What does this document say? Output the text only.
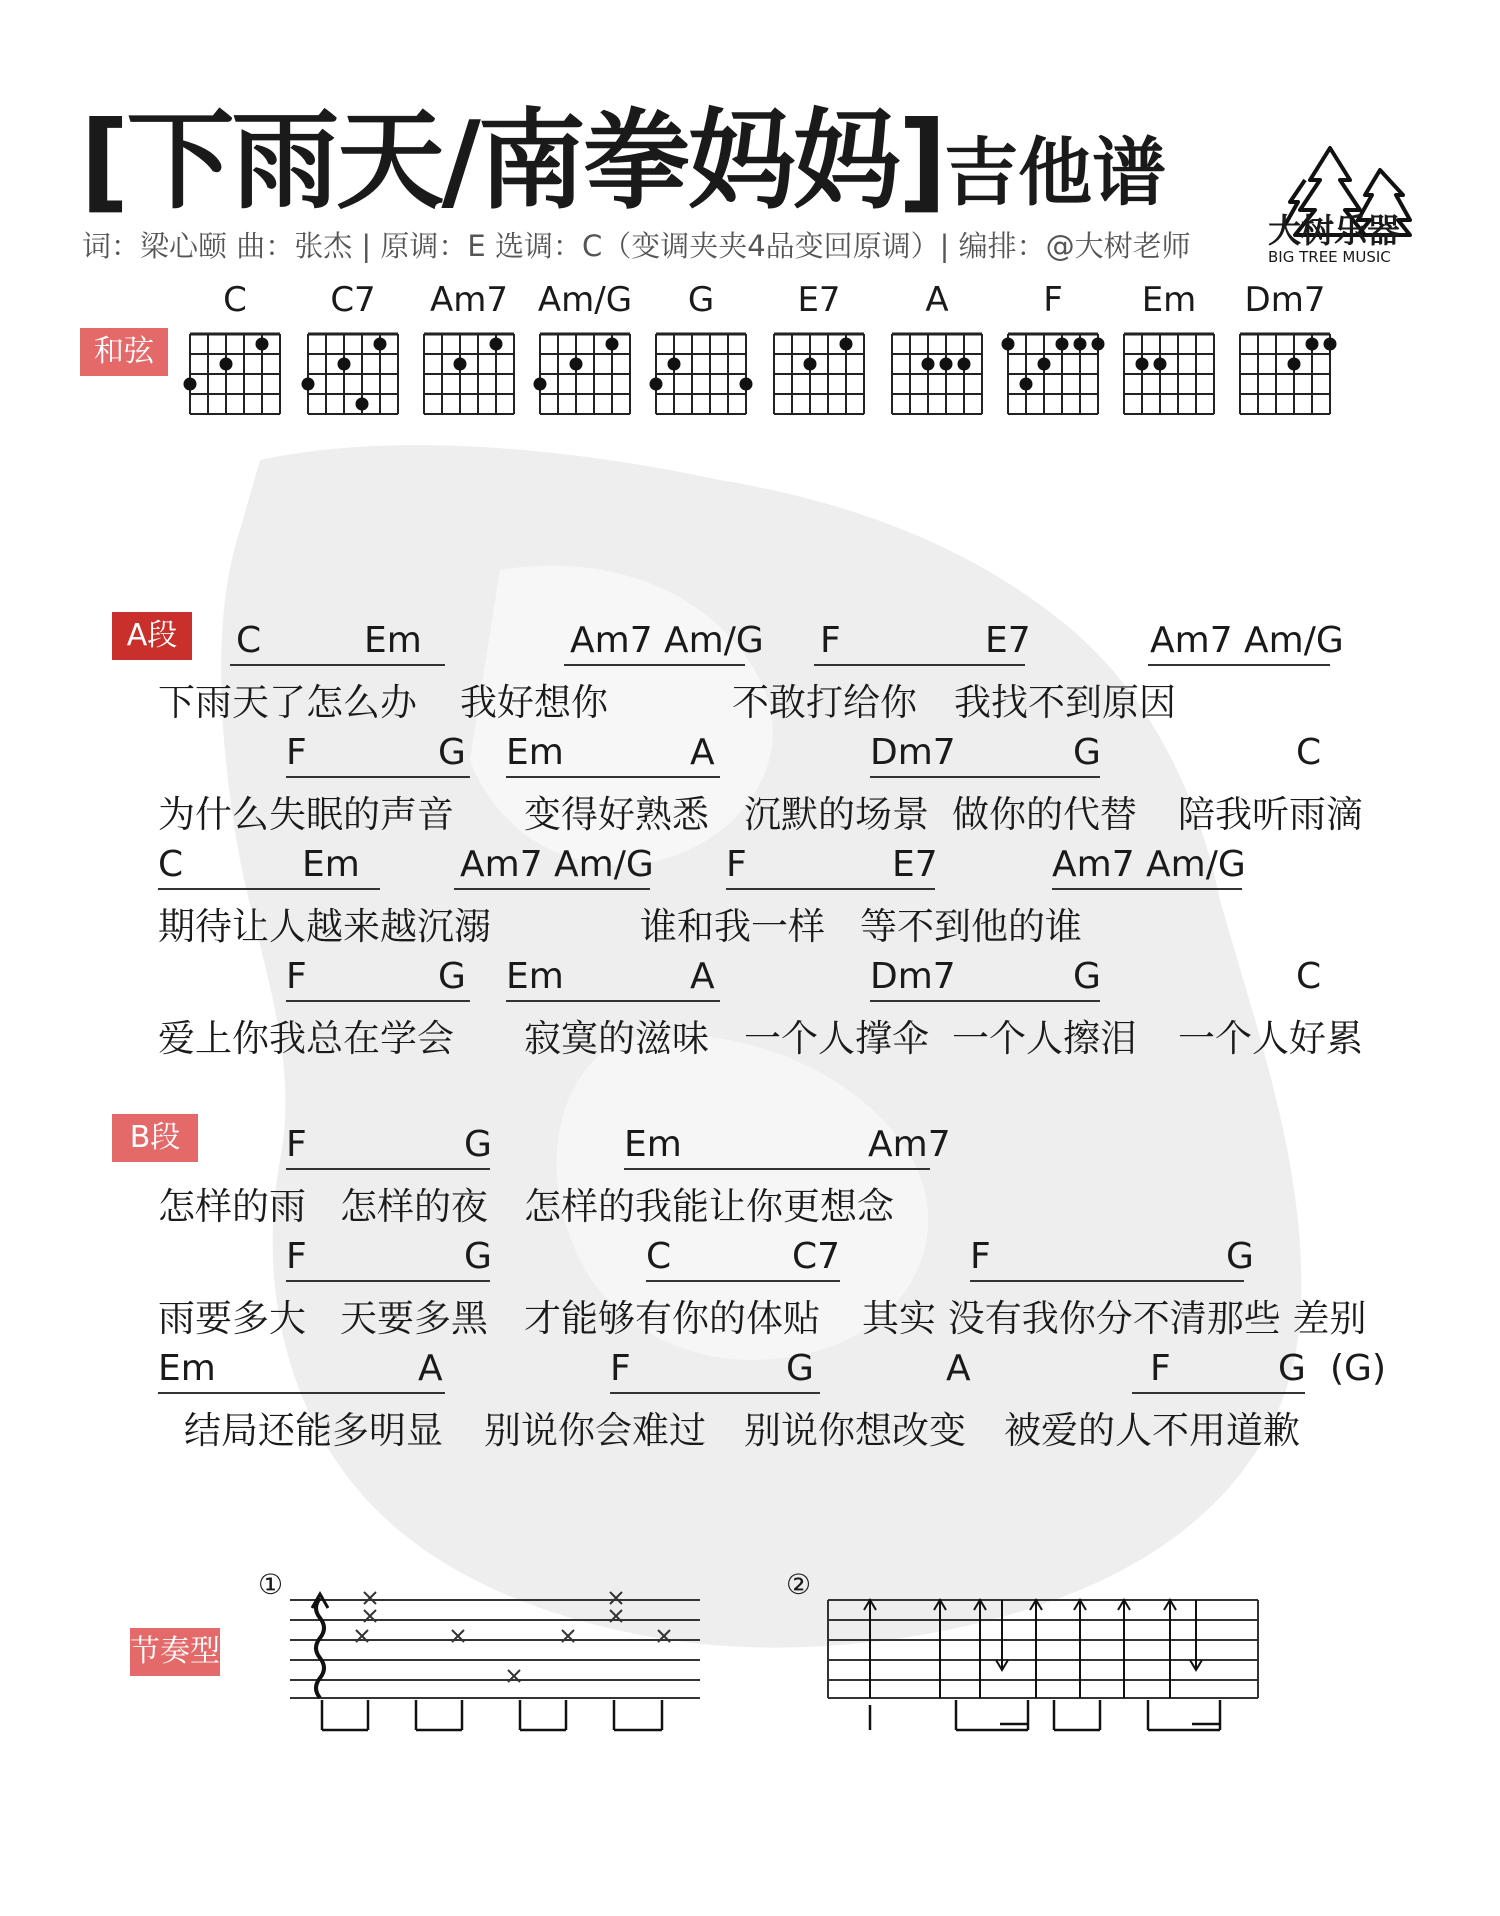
[下雨天/南拳妈妈]吉他谱
词：梁心颐 曲：张杰 | 原调：E 选调：C（变调夹夹4品变回原调）| 编排：@大树老师 大树乐器
BIG TREE MUSIC
和弦
C	C7	Am7 Am/G	G	E7	A	F	Em	Dm7
A段	C	Em	Am7 Am/G F	E7	Am7 Am/G
下雨天了怎么办 我好想你	不敢打给你 我找不到原因
F	G Em	A	Dm7	G	C
为什么失眠的声音 变得好熟悉 沉默的场景 做你的代替 陪我听雨滴
C	Em	Am7 Am/G F	E7	Am7 Am/G
期待让人越来越沉溺	谁和我一样 等不到他的谁
F	G Em	A	Dm7	G	C
爱上你我总在学会 寂寞的滋味 一个人撑伞 一个人擦泪 一个人好累
B段	F	G	Em	Am7
怎样的雨 怎样的夜 怎样的我能让你更想念
F	G	C	C7	F	G
雨要多大 天要多黑 才能够有你的体贴 其实 没有我你分不清那些 差别
Em	A	F	G	A	F	G (G)
结局还能多明显 别说你会难过 别说你想改变 被爱的人不用道歉
节奏型
①	②
